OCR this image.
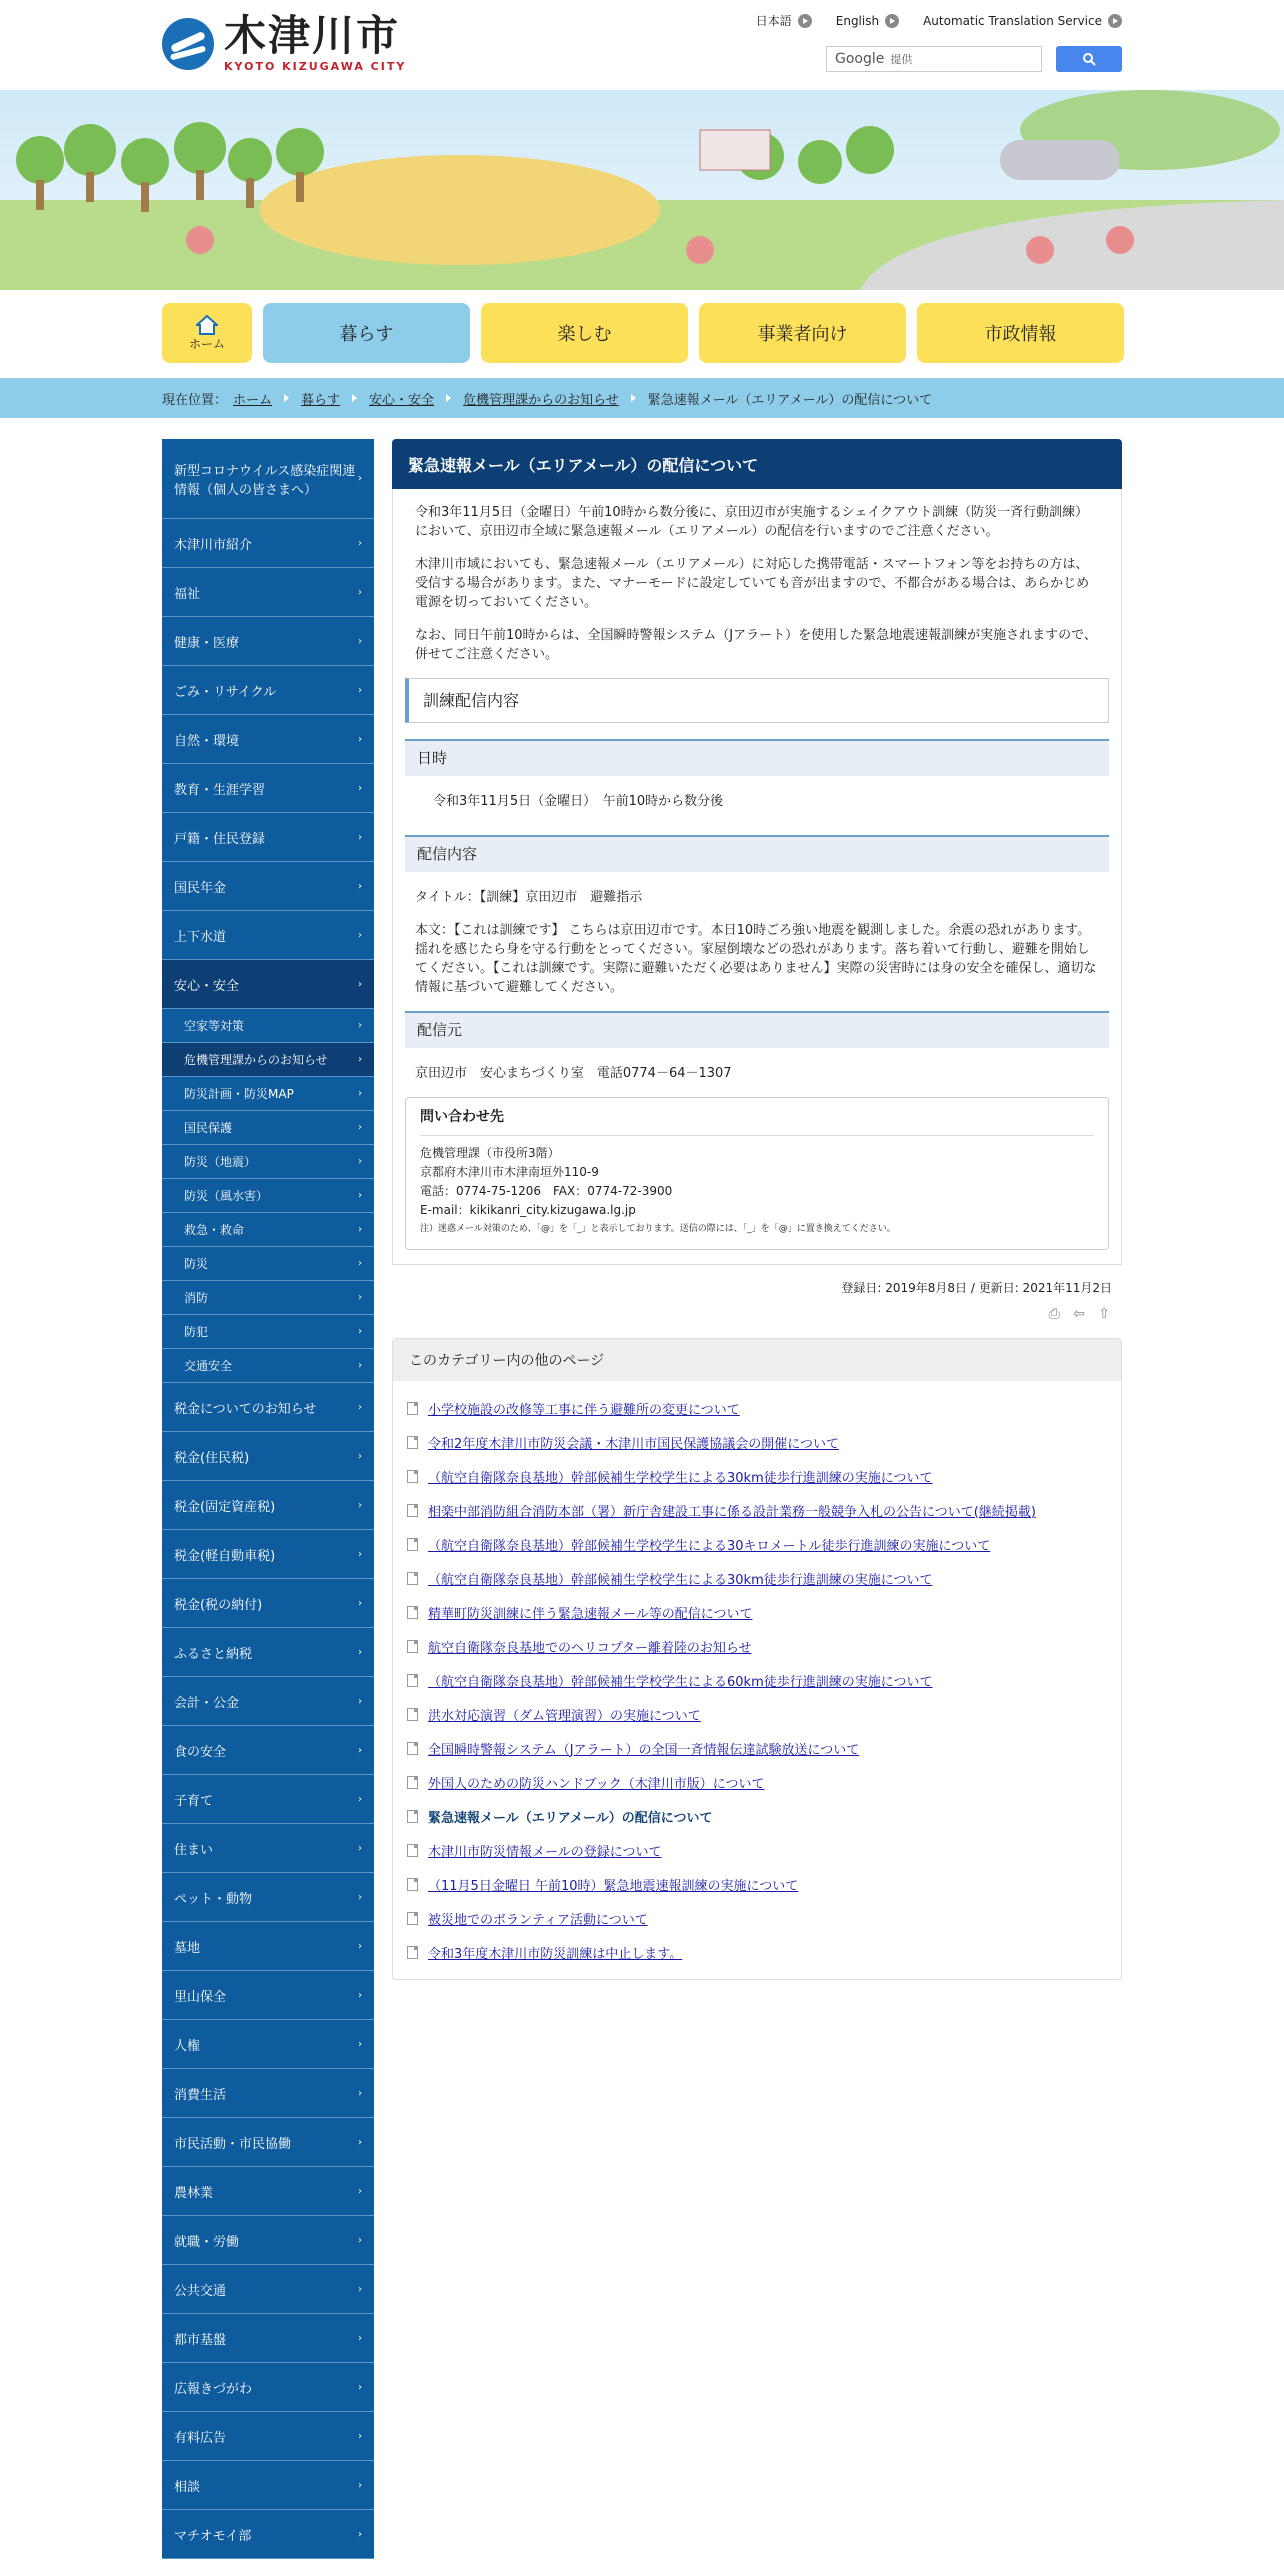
木津川市
KYOTO KIZUGAWA CITY
日本語	English	Automatic Translation Service
Google 提供
ホーム	暮らす	楽しむ	事業者向け	市政情報
現在位置： ホーム 暮らす 安心・安全 危機管理課からのお知らせ 緊急速報メール（エリアメール）の配信について
新型コロナウイルス感染症関連情報（個人の皆さまへ）
›
木津川市紹介	›
福祉	›
健康・医療	›
ごみ・リサイクル	›
自然・環境	›
教育・生涯学習	›
戸籍・住民登録	›
国民年金	›
上下水道	›
安心・安全	›
空家等対策	›
危機管理課からのお知らせ	›
防災計画・防災MAP	›
国民保護	›
防災（地震）	›
防災（風水害）	›
救急・救命	›
防災	›
消防	›
防犯	›
交通安全	›
税金についてのお知らせ	›
税金(住民税)	›
税金(固定資産税)	›
税金(軽自動車税)	›
税金(税の納付)	›
ふるさと納税	›
会計・公金	›
食の安全	›
子育て	›
住まい	›
ペット・動物	›
墓地	›
里山保全	›
人権	›
消費生活	›
市民活動・市民協働	›
農林業	›
就職・労働	›
公共交通	›
都市基盤	›
広報きづがわ	›
有料広告	›
相談	›
マチオモイ部	›
緊急速報メール（エリアメール）の配信について

令和3年11月5日（金曜日）午前10時から数分後に、京田辺市が実施するシェイクアウト訓練（防災一斉行動訓練）において、京田辺市全域に緊急速報メール（エリアメール）の配信を行いますのでご注意ください。

木津川市域においても、緊急速報メール（エリアメール）に対応した携帯電話・スマートフォン等をお持ちの方は、受信する場合があります。また、マナーモードに設定していても音が出ますので、不都合がある場合は、あらかじめ電源を切っておいてください。

なお、同日午前10時からは、全国瞬時警報システム（Jアラート）を使用した緊急地震速報訓練が実施されますので、併せてご注意ください。

訓練配信内容
日時

令和3年11月5日（金曜日）　午前10時から数分後

配信内容

タイトル：【訓練】京田辺市　避難指示

本文：【これは訓練です】 こちらは京田辺市です。本日10時ごろ強い地震を観測しました。余震の恐れがあります。揺れを感じたら身を守る行動をとってください。家屋倒壊などの恐れがあります。落ち着いて行動し、避難を開始してください。【これは訓練です。実際に避難いただく必要はありません】実際の災害時には身の安全を確保し、適切な情報に基づいて避難してください。

配信元

京田辺市　安心まちづくり室　電話0774－64－1307

問い合わせ先
危機管理課（市役所3階）
京都府木津川市木津南垣外110-9
電話：0774-75-1206　FAX：0774-72-3900
E-mail：kikikanri_city.kizugawa.lg.jp
注）迷惑メール対策のため、「@」を「_」と表示しております。送信の際には、「_」を「@」に置き換えてください。
登録日: 2019年8月8日 / 更新日: 2021年11月2日
⎙ ⇦ ⇧
このカテゴリー内の他のページ
小学校施設の改修等工事に伴う避難所の変更について
令和2年度木津川市防災会議・木津川市国民保護協議会の開催について
（航空自衛隊奈良基地）幹部候補生学校学生による30km徒歩行進訓練の実施について
相楽中部消防組合消防本部（署）新庁舎建設工事に係る設計業務一般競争入札の公告について(継続掲載)
（航空自衛隊奈良基地）幹部候補生学校学生による30キロメートル徒歩行進訓練の実施について
（航空自衛隊奈良基地）幹部候補生学校学生による30km徒歩行進訓練の実施について
精華町防災訓練に伴う緊急速報メール等の配信について
航空自衛隊奈良基地でのヘリコプター離着陸のお知らせ
（航空自衛隊奈良基地）幹部候補生学校学生による60km徒歩行進訓練の実施について
洪水対応演習（ダム管理演習）の実施について
全国瞬時警報システム（Jアラート）の全国一斉情報伝達試験放送について
外国人のための防災ハンドブック（木津川市版）について
緊急速報メール（エリアメール）の配信について
木津川市防災情報メールの登録について
（11月5日金曜日 午前10時）緊急地震速報訓練の実施について
被災地でのボランティア活動について
令和3年度木津川市防災訓練は中止します。
